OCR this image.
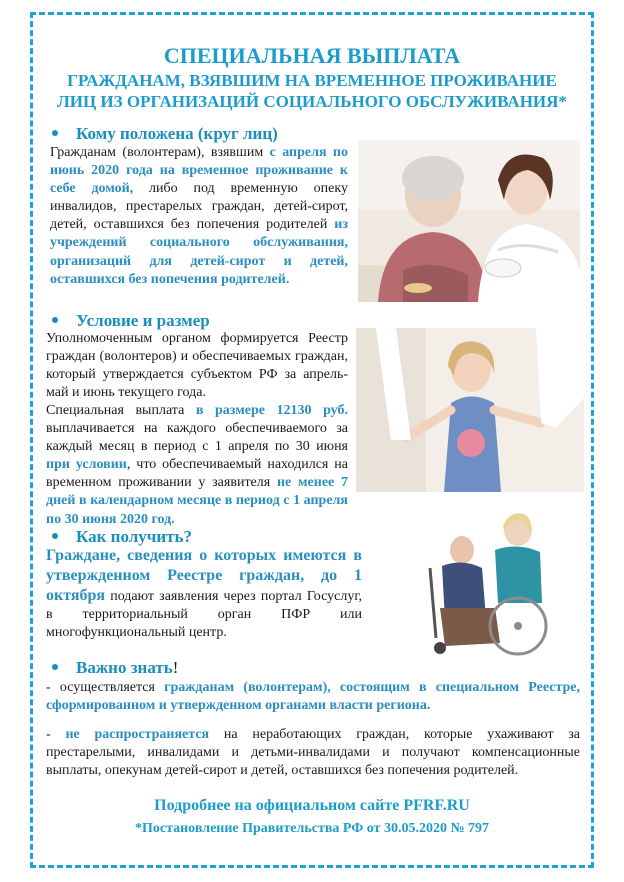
СПЕЦИАЛЬНАЯ ВЫПЛАТА

ГРАЖДАНАМ, ВЗЯВШИМ НА ВРЕМЕННОЕ ПРОЖИВАНИЕ

ЛИЦ ИЗ ОРГАНИЗАЦИЙ СОЦИАЛЬНОГО ОБСЛУЖИВАНИЯ*

Кому положена (круг лиц)

Гражданам (волонтерам), взявшим с апреля по июнь 2020 года на временное проживание к себе домой, либо под временную опеку инвалидов, престарелых граждан, детей-сирот, детей, оставшихся без попечения родителей из учреждений социального обслуживания, организаций для детей-сирот и детей, оставшихся без попечения родителей.

Условие и размер

Уполномоченным органом формируется Реестр граждан (волонтеров) и обеспечиваемых граждан, который утверждается субъектом РФ за апрель-май и июнь текущего года.

Специальная выплата в размере 12130 руб. выплачивается на каждого обеспечиваемого за каждый месяц в период с 1 апреля по 30 июня при условии, что обеспечиваемый находился на временном проживании у заявителя не менее 7 дней в календарном месяце в период с 1 апреля по 30 июня 2020 год.

Как получить?

Граждане, сведения о которых имеются в утвержденном Реестре граждан, до 1 октября подают заявления через портал Госуслуг, в территориальный орган ПФР или многофункциональный центр.

Важно знать!

- осуществляется гражданам (волонтерам), состоящим в специальном Реестре, сформированном и утвержденном органами власти региона.

- не распространяется на неработающих граждан, которые ухаживают за престарелыми, инвалидами и детьми-инвалидами и получают компенсационные выплаты, опекунам детей-сирот и детей, оставшихся без попечения родителей.

Подробнее на официальном сайте PFRF.RU
*Постановление Правительства РФ от 30.05.2020 № 797
